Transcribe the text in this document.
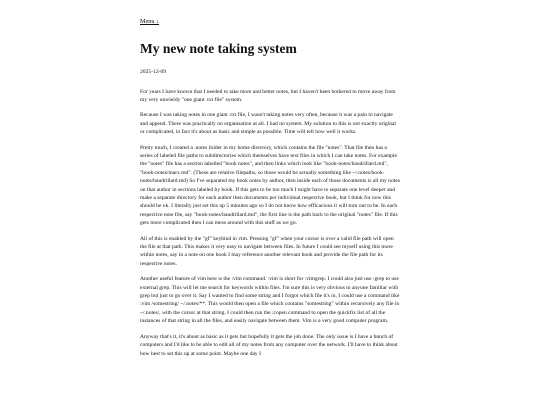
Menu ↓
My new note taking system
2025-12-09

For years I have known that I needed to take more and better notes, but I haven't been bothered to move away from my very unwieldy "one giant .txt file" system.

Because I was taking notes in one giant .txt file, I wasn't taking notes very often, because it was a pain to navigate and append. There was practically no organisation at all. I had no system. My solution to this is not exactly original or complicated, in fact it's about as basic and simple as possible. Time will tell how well it works.

Pretty much, I created a .notes folder in my home directory, which contains the file "notes". That file then has a series of labeled file paths to subdirectories which themselves have text files in which I can take notes. For example the "notes" file has a section labelled "book notes", and then links which look like "book-notes/baudrillard.md", "book-notes/marx.md". (These are relative filepaths, so those would be actually something like ~/.notes/book-notes/baudrillard.md) So I've separated my book notes by author, then inside each of those documents is all my notes on that author in sections labeled by book. If this gets to be too much I might have to separate one level deeper and make a separate directory for each author then documents per individual respective book, but I think for now this should be ok. I literally just set this up 5 minutes ago so I do not know how efficacious it will turn out to be. In each respective note file, say "book-notes/baudrillard.md", the first line is the path back to the original "notes" file. If this gets more complicated then I can mess around with this stuff as we go.

All of this is enabled by the "gf" keybind in vim. Pressing "gf" when your cursor is over a valid file path will open the file at that path. This makes it very easy to navigate between files. In future I could see myself using this more within notes, say in a note on one book I may reference another relevant book and provide the file path for its respective notes.

Another useful feature of vim here is the :vim command. :vim is short for :vimgrep. I could also just use :grep to use external grep. This will let me search for keywords within files. I'm sure this is very obvious to anyone familiar with grep but just to go over it. Say I wanted to find some string and I forgot which file it's in, I could use a command like :vim /somestring/ ~/.notes/**. This would then open a file which contains "somestring" within recursively any file in ~/.notes/, with the cursor at that string. I could then run the :copen command to open the quickfix list of all the instances of that string in all the files, and easily navigate between them. Vim is a very good computer program.

Anyway that's it, it's about as basic as it gets but hopefully it gets the job done. The only issue is I have a bunch of computers and I'd like to be able to edit all of my notes from any computer over the network. I'll have to think about how best to set this up at some point. Maybe one day I
